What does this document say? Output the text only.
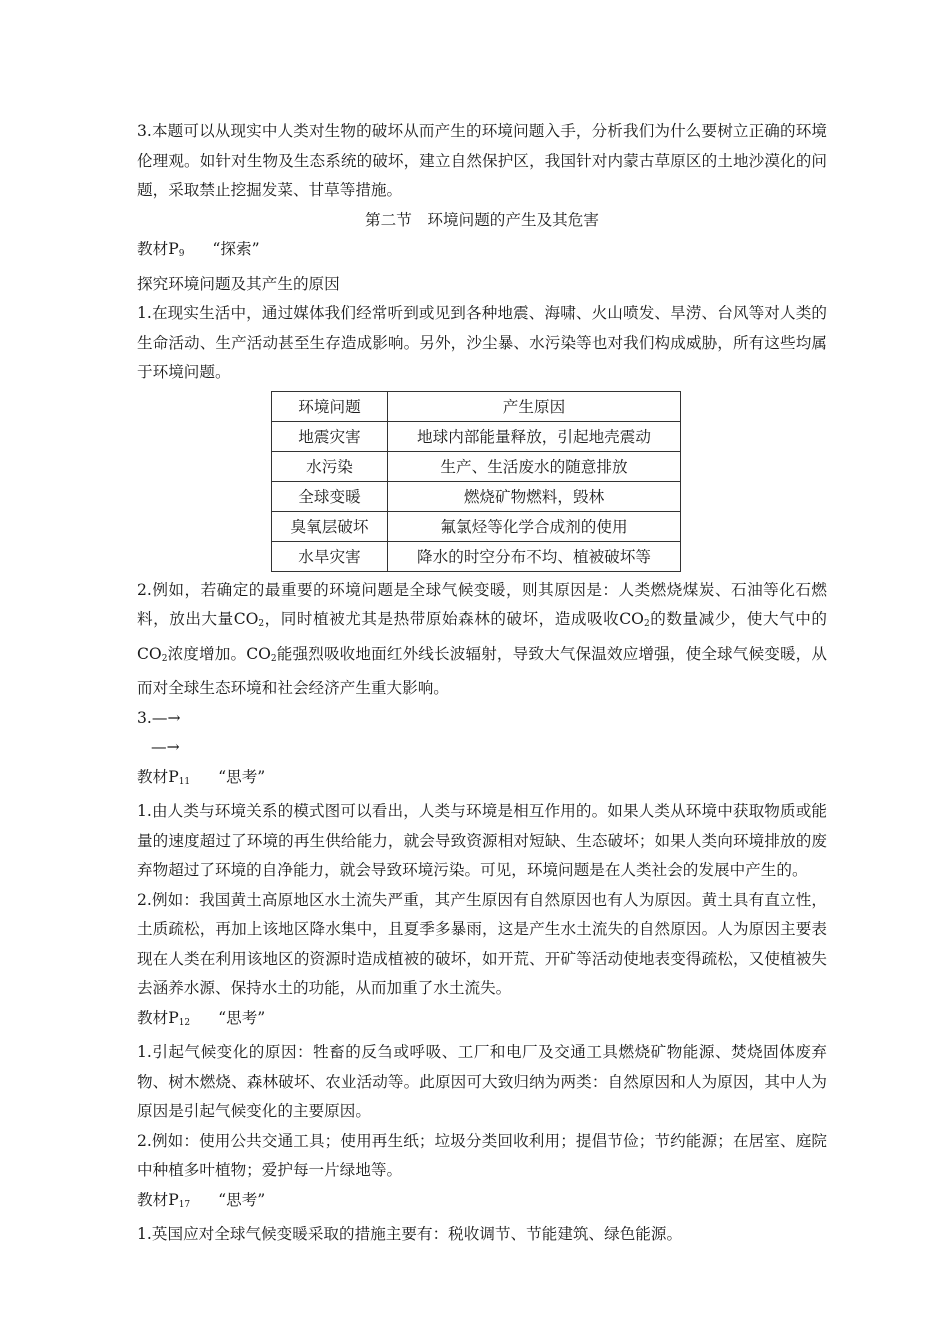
3.本题可以从现实中人类对生物的破坏从而产生的环境问题入手，分析我们为什么要树立正确的环境伦理观。如针对生物及生态系统的破坏，建立自然保护区，我国针对内蒙古草原区的土地沙漠化的问题，采取禁止挖掘发菜、甘草等措施。

第二节　环境问题的产生及其危害

教材$P_9$ “探索”

探究环境问题及其产生的原因

1.在现实生活中，通过媒体我们经常听到或见到各种地震、海啸、火山喷发、旱涝、台风等对人类的生命活动、生产活动甚至生存造成影响。另外，沙尘暴、水污染等也对我们构成威胁，所有这些均属于环境问题。

环境问题	产生原因
地震灾害	地球内部能量释放，引起地壳震动
水污染	生产、生活废水的随意排放
全球变暖	燃烧矿物燃料，毁林
臭氧层破坏	氟氯烃等化学合成剂的使用
水旱灾害	降水的时空分布不均、植被破坏等

2.例如，若确定的最重要的环境问题是全球气候变暖，则其原因是：人类燃烧煤炭、石油等化石燃料，放出大量$CO_2$，同时植被尤其是热带原始森林的破坏，造成吸收$CO_2$的数量减少，使大气中的$CO_2$浓度增加。$CO_2$能强烈吸收地面红外线长波辐射，导致大气保温效应增强，使全球气候变暖，从而对全球生态环境和社会经济产生重大影响。

3.—→

—→

教材$P_{11}$ “思考”

1.由人类与环境关系的模式图可以看出，人类与环境是相互作用的。如果人类从环境中获取物质或能量的速度超过了环境的再生供给能力，就会导致资源相对短缺、生态破坏；如果人类向环境排放的废弃物超过了环境的自净能力，就会导致环境污染。可见，环境问题是在人类社会的发展中产生的。

2.例如：我国黄土高原地区水土流失严重，其产生原因有自然原因也有人为原因。黄土具有直立性，土质疏松，再加上该地区降水集中，且夏季多暴雨，这是产生水土流失的自然原因。人为原因主要表现在人类在利用该地区的资源时造成植被的破坏，如开荒、开矿等活动使地表变得疏松，又使植被失去涵养水源、保持水土的功能，从而加重了水土流失。

教材$P_{12}$ “思考”

1.引起气候变化的原因：牲畜的反刍或呼吸、工厂和电厂及交通工具燃烧矿物能源、焚烧固体废弃物、树木燃烧、森林破坏、农业活动等。此原因可大致归纳为两类：自然原因和人为原因，其中人为原因是引起气候变化的主要原因。

2.例如：使用公共交通工具；使用再生纸；垃圾分类回收利用；提倡节俭；节约能源；在居室、庭院中种植多叶植物；爱护每一片绿地等。

教材$P_{17}$ “思考”

1.英国应对全球气候变暖采取的措施主要有：税收调节、节能建筑、绿色能源。
